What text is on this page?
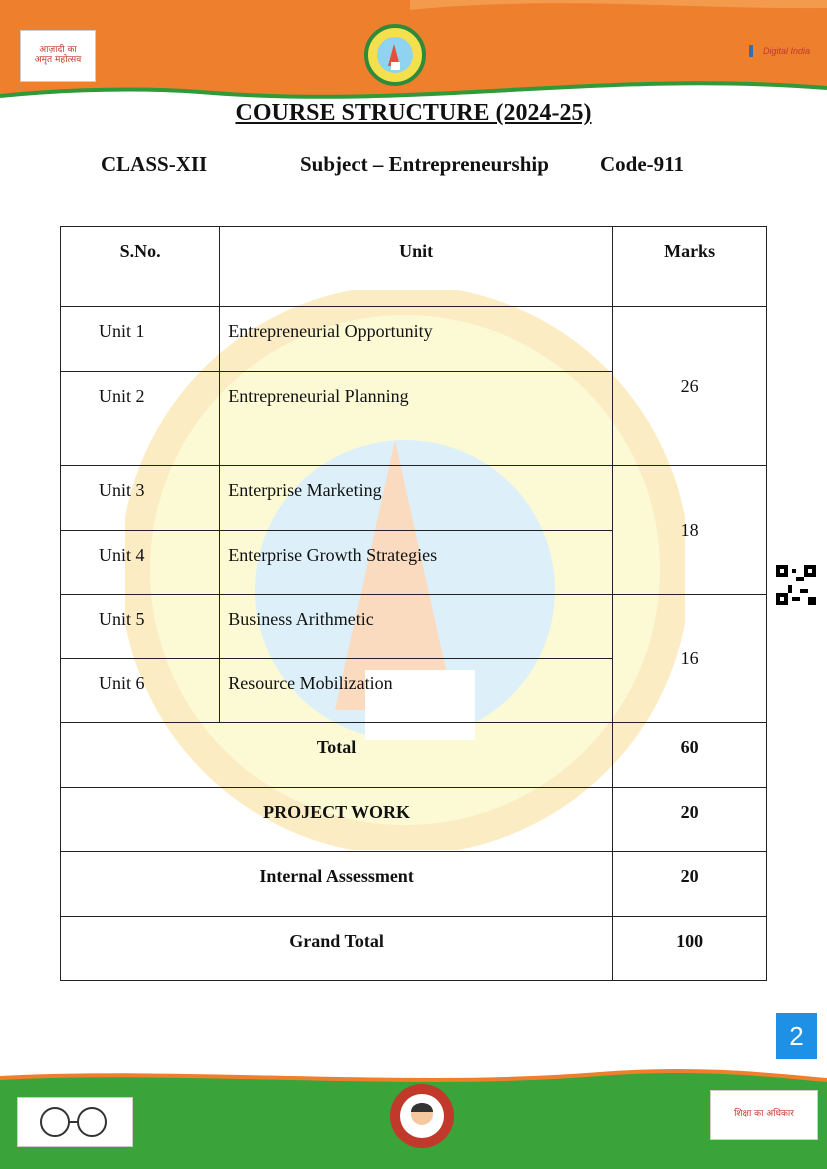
आज़ादी का
अमृत महोत्सव
Digital India
COURSE STRUCTURE (2024-25)
CLASS-XII	Subject – Entrepreneurship Code-911
S.No.	Unit	Marks
Unit 1	Entrepreneurial Opportunity	26
Unit 2	Entrepreneurial Planning	
Unit 3	Enterprise Marketing	18
Unit 4	Enterprise Growth Strategies	
Unit 5	Business Arithmetic	16
Unit 6	Resource Mobilization	
Total		60
PROJECT WORK		20
Internal Assessment		20
Grand Total		100
2
शिक्षा का अधिकार
